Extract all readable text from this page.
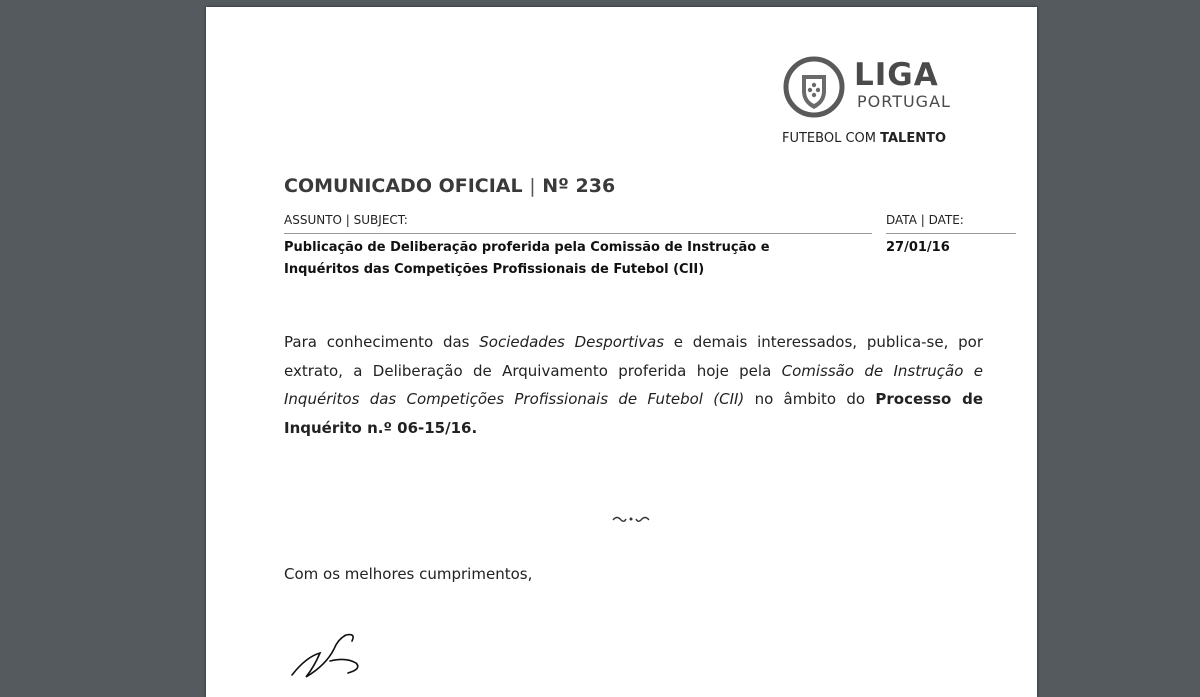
LIGA
PORTUGAL
FUTEBOL COM TALENTO
COMUNICADO OFICIAL | Nº 236
ASSUNTO | SUBJECT:	DATA | DATE:
Publicação de Deliberação proferida pela Comissão de Instrução e
Inquéritos das Competições Profissionais de Futebol (CII)
27/01/16
Para conhecimento das Sociedades Desportivas e demais interessados, publica-se, por extrato, a Deliberação de Arquivamento proferida hoje pela Comissão de Instrução e Inquéritos das Competições Profissionais de Futebol (CII) no âmbito do Processo de Inquérito n.º 06-15/16.
Com os melhores cumprimentos,
